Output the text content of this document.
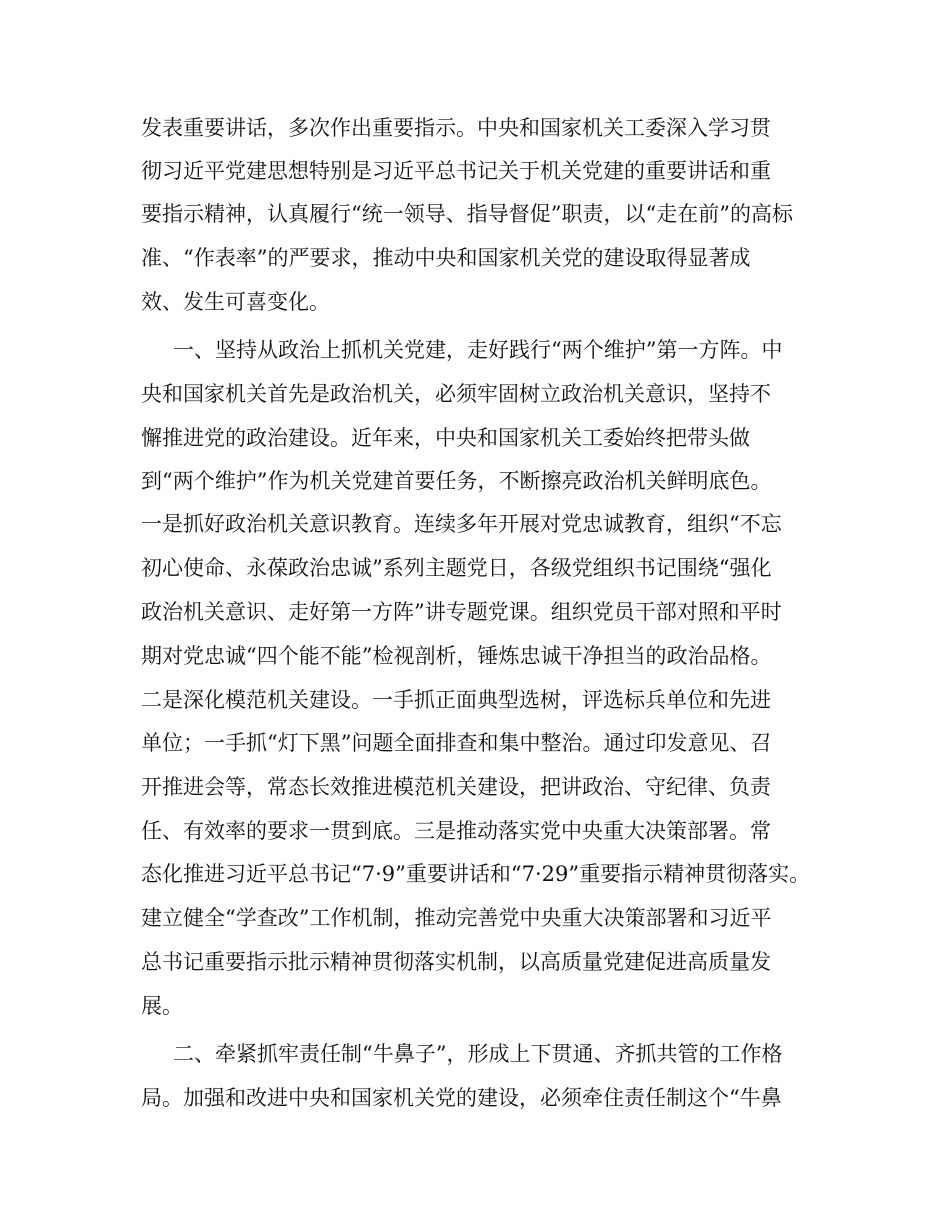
发表重要讲话，多次作出重要指示。中央和国家机关工委深入学习贯
彻习近平党建思想特别是习近平总书记关于机关党建的重要讲话和重
要指示精神，认真履行“统一领导、指导督促”职责，以“走在前”的高标
准、“作表率”的严要求，推动中央和国家机关党的建设取得显著成
效、发生可喜变化。
一、坚持从政治上抓机关党建，走好践行“两个维护”第一方阵。中
央和国家机关首先是政治机关，必须牢固树立政治机关意识，坚持不
懈推进党的政治建设。近年来，中央和国家机关工委始终把带头做
到“两个维护”作为机关党建首要任务，不断擦亮政治机关鲜明底色。
一是抓好政治机关意识教育。连续多年开展对党忠诚教育，组织“不忘
初心使命、永葆政治忠诚”系列主题党日，各级党组织书记围绕“强化
政治机关意识、走好第一方阵”讲专题党课。组织党员干部对照和平时
期对党忠诚“四个能不能”检视剖析，锤炼忠诚干净担当的政治品格。
二是深化模范机关建设。一手抓正面典型选树，评选标兵单位和先进
单位；一手抓“灯下黑”问题全面排查和集中整治。通过印发意见、召
开推进会等，常态长效推进模范机关建设，把讲政治、守纪律、负责
任、有效率的要求一贯到底。三是推动落实党中央重大决策部署。常
态化推进习近平总书记“7·9”重要讲话和“7·29”重要指示精神贯彻落实。
建立健全“学查改”工作机制，推动完善党中央重大决策部署和习近平
总书记重要指示批示精神贯彻落实机制，以高质量党建促进高质量发
展。
二、牵紧抓牢责任制“牛鼻子”，形成上下贯通、齐抓共管的工作格
局。加强和改进中央和国家机关党的建设，必须牵住责任制这个“牛鼻
